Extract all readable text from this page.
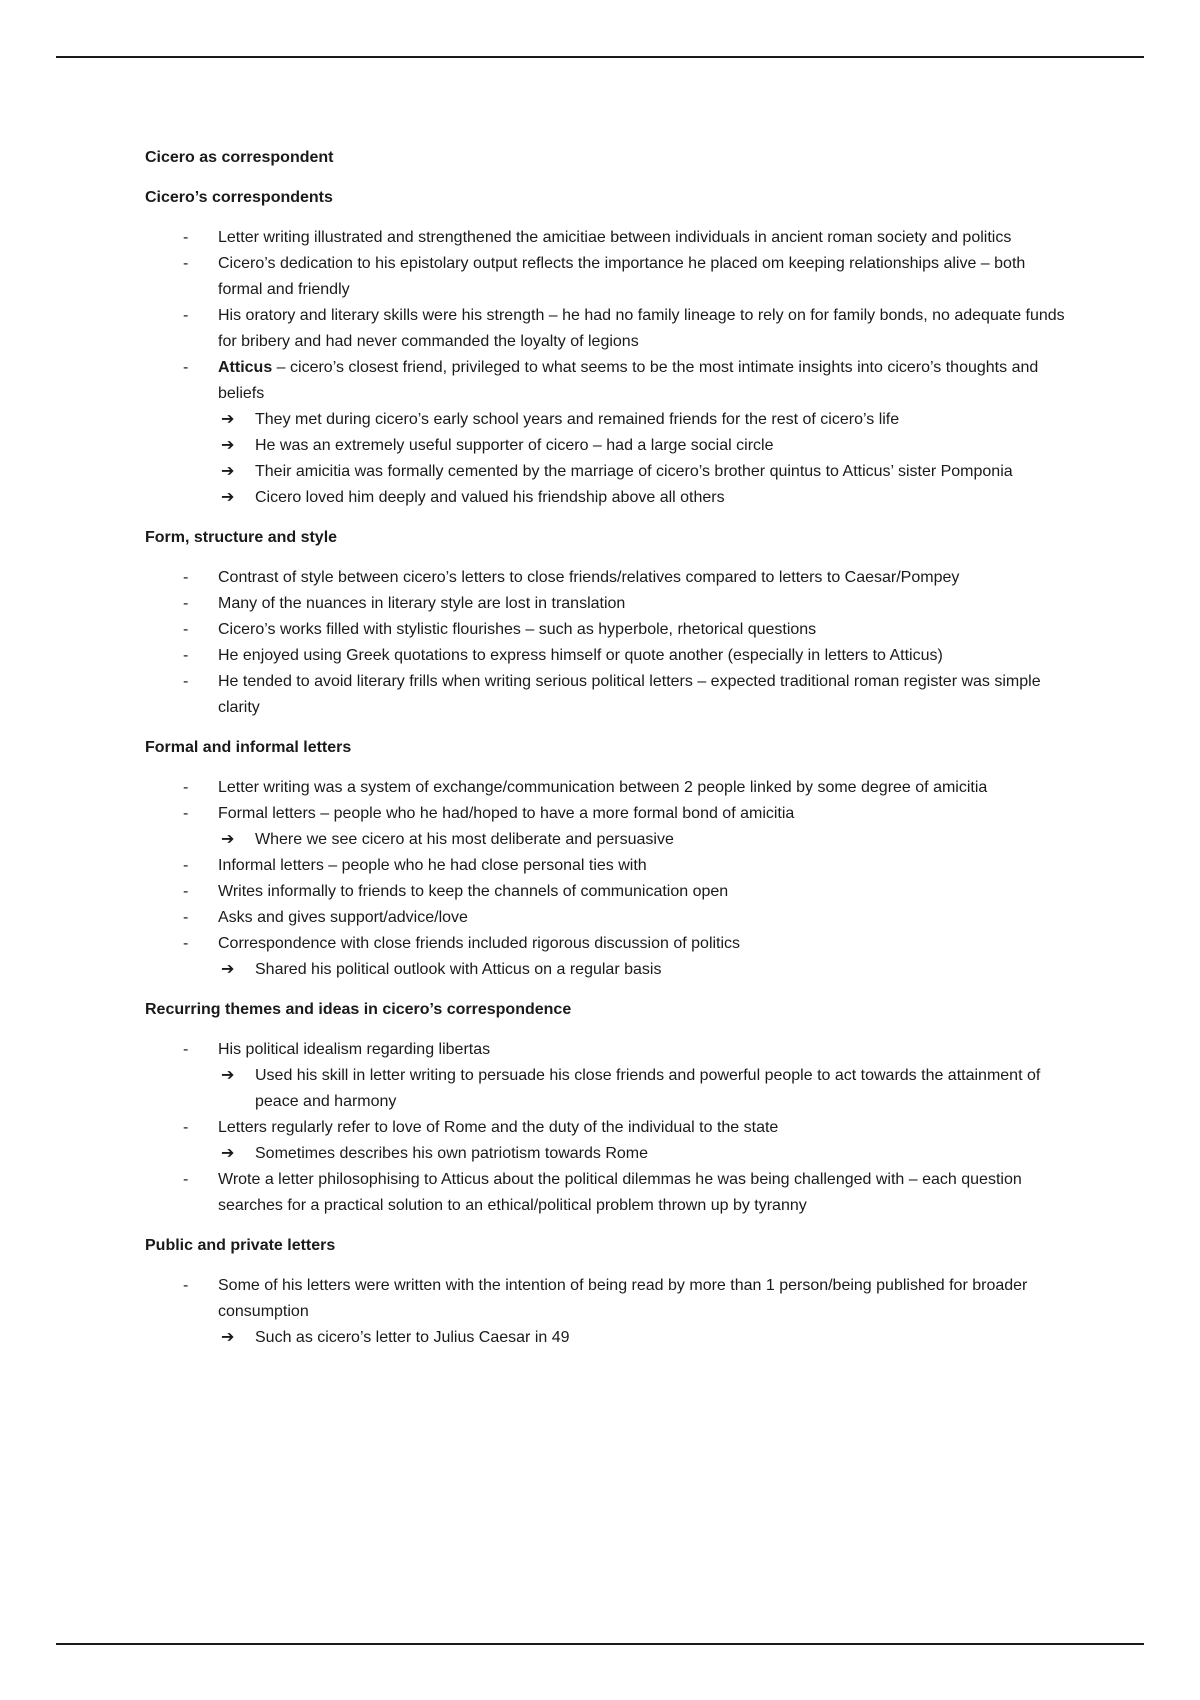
Cicero as correspondent
Cicero’s correspondents
- Letter writing illustrated and strengthened the amicitiae between individuals in ancient roman society and politics
- Cicero’s dedication to his epistolary output reflects the importance he placed om keeping relationships alive – both formal and friendly
- His oratory and literary skills were his strength – he had no family lineage to rely on for family bonds, no adequate funds for bribery and had never commanded the loyalty of legions
- Atticus – cicero’s closest friend, privileged to what seems to be the most intimate insights into cicero’s thoughts and beliefs
➔ They met during cicero’s early school years and remained friends for the rest of cicero’s life
➔ He was an extremely useful supporter of cicero – had a large social circle
➔ Their amicitia was formally cemented by the marriage of cicero’s brother quintus to Atticus’ sister Pomponia
➔ Cicero loved him deeply and valued his friendship above all others
Form, structure and style
- Contrast of style between cicero’s letters to close friends/relatives compared to letters to Caesar/Pompey
- Many of the nuances in literary style are lost in translation
- Cicero’s works filled with stylistic flourishes – such as hyperbole, rhetorical questions
- He enjoyed using Greek quotations to express himself or quote another (especially in letters to Atticus)
- He tended to avoid literary frills when writing serious political letters – expected traditional roman register was simple clarity
Formal and informal letters
- Letter writing was a system of exchange/communication between 2 people linked by some degree of amicitia
- Formal letters – people who he had/hoped to have a more formal bond of amicitia
➔ Where we see cicero at his most deliberate and persuasive
- Informal letters – people who he had close personal ties with
- Writes informally to friends to keep the channels of communication open
- Asks and gives support/advice/love
- Correspondence with close friends included rigorous discussion of politics
➔ Shared his political outlook with Atticus on a regular basis
Recurring themes and ideas in cicero’s correspondence
- His political idealism regarding libertas
➔ Used his skill in letter writing to persuade his close friends and powerful people to act towards the attainment of peace and harmony
- Letters regularly refer to love of Rome and the duty of the individual to the state
➔ Sometimes describes his own patriotism towards Rome
- Wrote a letter philosophising to Atticus about the political dilemmas he was being challenged with – each question searches for a practical solution to an ethical/political problem thrown up by tyranny
Public and private letters
- Some of his letters were written with the intention of being read by more than 1 person/being published for broader consumption
➔ Such as cicero’s letter to Julius Caesar in 49
